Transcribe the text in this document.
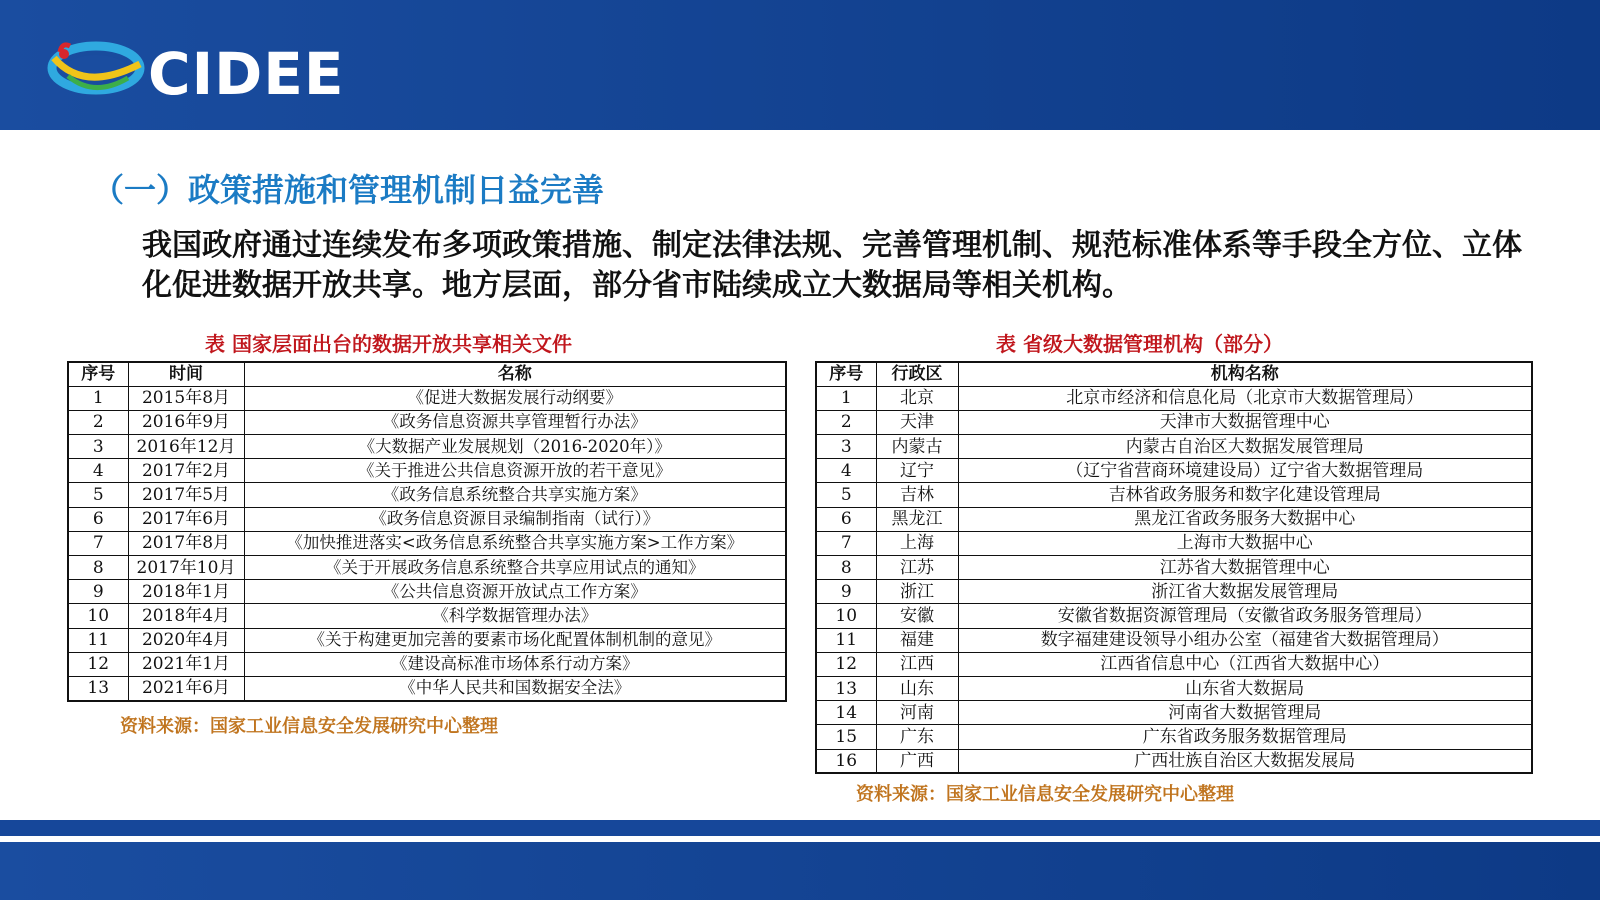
CIDEE
（一）政策措施和管理机制日益完善
我国政府通过连续发布多项政策措施、制定法律法规、完善管理机制、规范标准体系等手段全方位、立体化促进数据开放共享。地方层面，部分省市陆续成立大数据局等相关机构。
表 国家层面出台的数据开放共享相关文件	表 省级大数据管理机构（部分）
序号	时间	名称
1	2015年8月	《促进大数据发展行动纲要》
2	2016年9月	《政务信息资源共享管理暂行办法》
3	2016年12月	《大数据产业发展规划（2016-2020年）》
4	2017年2月	《关于推进公共信息资源开放的若干意见》
5	2017年5月	《政务信息系统整合共享实施方案》
6	2017年6月	《政务信息资源目录编制指南（试行）》
7	2017年8月	《加快推进落实<政务信息系统整合共享实施方案>工作方案》
8	2017年10月	《关于开展政务信息系统整合共享应用试点的通知》
9	2018年1月	《公共信息资源开放试点工作方案》
10	2018年4月	《科学数据管理办法》
11	2020年4月	《关于构建更加完善的要素市场化配置体制机制的意见》
12	2021年1月	《建设高标准市场体系行动方案》
13	2021年6月	《中华人民共和国数据安全法》
序号	行政区	机构名称
1	北京	北京市经济和信息化局（北京市大数据管理局）
2	天津	天津市大数据管理中心
3	内蒙古	内蒙古自治区大数据发展管理局
4	辽宁	（辽宁省营商环境建设局）辽宁省大数据管理局
5	吉林	吉林省政务服务和数字化建设管理局
6	黑龙江	黑龙江省政务服务大数据中心
7	上海	上海市大数据中心
8	江苏	江苏省大数据管理中心
9	浙江	浙江省大数据发展管理局
10	安徽	安徽省数据资源管理局（安徽省政务服务管理局）
11	福建	数字福建建设领导小组办公室（福建省大数据管理局）
12	江西	江西省信息中心（江西省大数据中心）
13	山东	山东省大数据局
14	河南	河南省大数据管理局
15	广东	广东省政务服务数据管理局
16	广西	广西壮族自治区大数据发展局
资料来源：国家工业信息安全发展研究中心整理
资料来源：国家工业信息安全发展研究中心整理
